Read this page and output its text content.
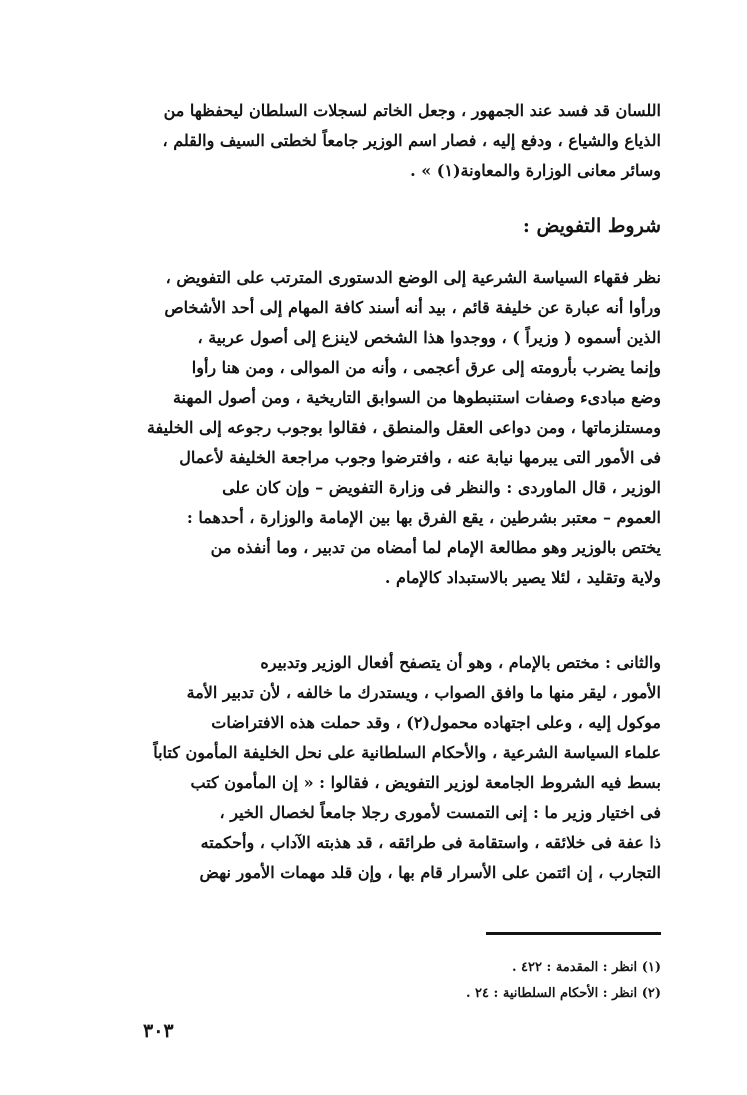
اللسان قد فسد عند الجمهور ، وجعل الخاتم لسجلات السلطان ليحفظها من
الذياع والشياع ، ودفع إليه ، فصار اسم الوزير جامعاً لخطتى السيف والقلم ،
وسائر معانى الوزارة والمعاونة(١) » .
شروط التفويض :
نظر فقهاء السياسة الشرعية إلى الوضع الدستورى المترتب على التفويض ،
ورأوا أنه عبارة عن خليفة قائم ، بيد أنه أسند كافة المهام إلى أحد الأشخاص
الذين أسموه ( وزيراً ) ، ووجدوا هذا الشخص لاينزع إلى أصول عربية ،
وإنما يضرب بأرومته إلى عرق أعجمى ، وأنه من الموالى ، ومن هنا رأوا
وضع مبادىء وصفات استنبطوها من السوابق التاريخية ، ومن أصول المهنة
ومستلزماتها ، ومن دواعى العقل والمنطق ، فقالوا بوجوب رجوعه إلى الخليفة
فى الأمور التى يبرمها نيابة عنه ، وافترضوا وجوب مراجعة الخليفة لأعمال
الوزير ، قال الماوردى : والنظر فى وزارة التفويض – وإن كان على
العموم – معتبر بشرطين ، يقع الفرق بها بين الإمامة والوزارة ، أحدهما :
يختص بالوزير وهو مطالعة الإمام لما أمضاه من تدبير ، وما أنفذه من
ولاية وتقليد ، لئلا يصير بالاستبداد كالإمام .
والثانى : مختص بالإمام ، وهو أن يتصفح أفعال الوزير وتدبيره
الأمور ، ليقر منها ما وافق الصواب ، ويستدرك ما خالفه ، لأن تدبير الأمة
موكول إليه ، وعلى اجتهاده محمول(٢) ، وقد حملت هذه الافتراضات
علماء السياسة الشرعية ، والأحكام السلطانية على نحل الخليفة المأمون كتاباً
بسط فيه الشروط الجامعة لوزير التفويض ، فقالوا : « إن المأمون كتب
فى اختيار وزير ما : إنى التمست لأمورى رجلا جامعاً لخصال الخير ،
ذا عفة فى خلائقه ، واستقامة فى طرائقه ، قد هذبته الآداب ، وأحكمته
التجارب ، إن ائتمن على الأسرار قام بها ، وإن قلد مهمات الأمور نهض
(١) انظر : المقدمة : ٤٢٢ .
(٢) انظر : الأحكام السلطانية : ٢٤ .
٣٠٣
